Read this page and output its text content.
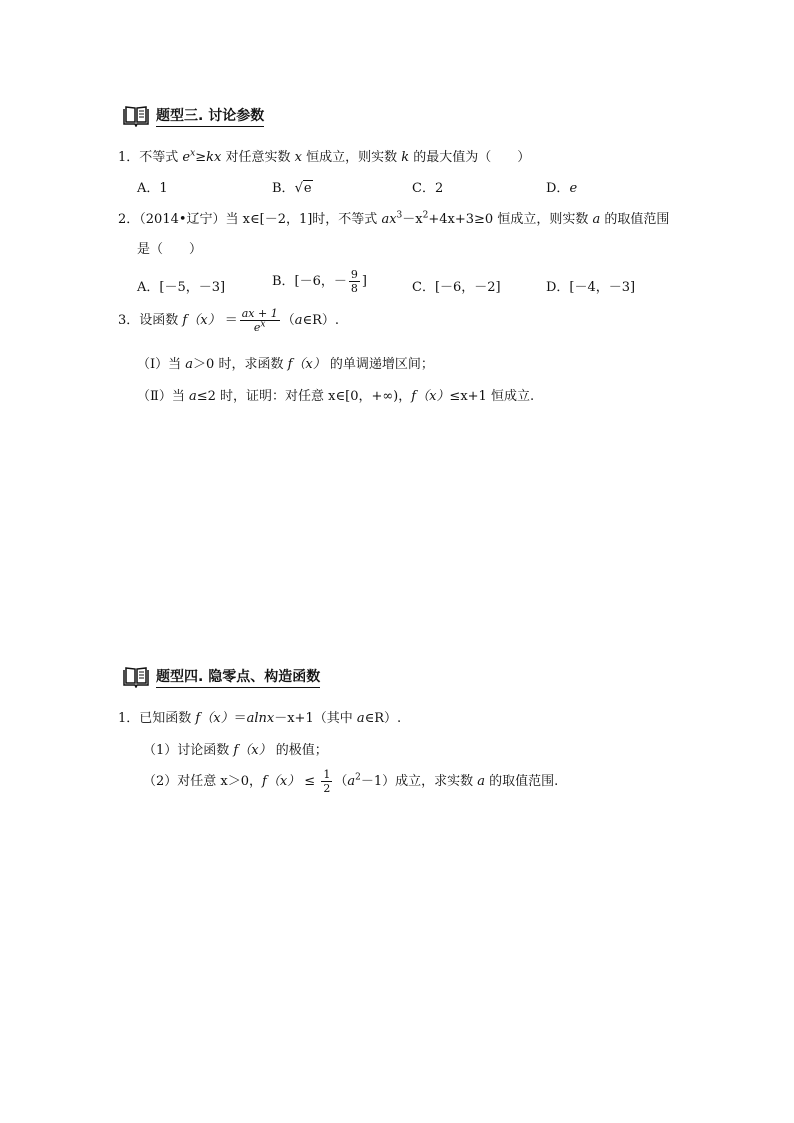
题型三. 讨论参数
1．不等式 $e^x\ge kx$ 对任意实数 x 恒成立，则实数 k 的最大值为（　　）
A．1	B．√e	C．2	D．e
2．（2014•辽宁）当 x∈[－2，1]时，不等式 $ax^3-x^2+4x+3\ge 0$ 恒成立，则实数 a 的取值范围
是（　　）
A．[－5，－3]	B．[－6，－ $\frac{9}{8}$ ]	C．[－6，－2]	D．[－4，－3]
3．设函数 $f(x) = \frac{ax + 1}{e^x}$ （a∈R）.
（Ⅰ）当 a＞0 时，求函数 f（x） 的单调递增区间；
（Ⅱ）当 a≤2 时，证明：对任意 x∈[0，+∞)，f（x）≤x+1 恒成立.
题型四. 隐零点、构造函数
1．已知函数 f（x）＝alnx－x+1（其中 a∈R）.
（1）讨论函数 f（x） 的极值；
（2）对任意 x＞0，$f(x) \le \frac{1}{2} (a^2-1)$成立，求实数 a 的取值范围.
